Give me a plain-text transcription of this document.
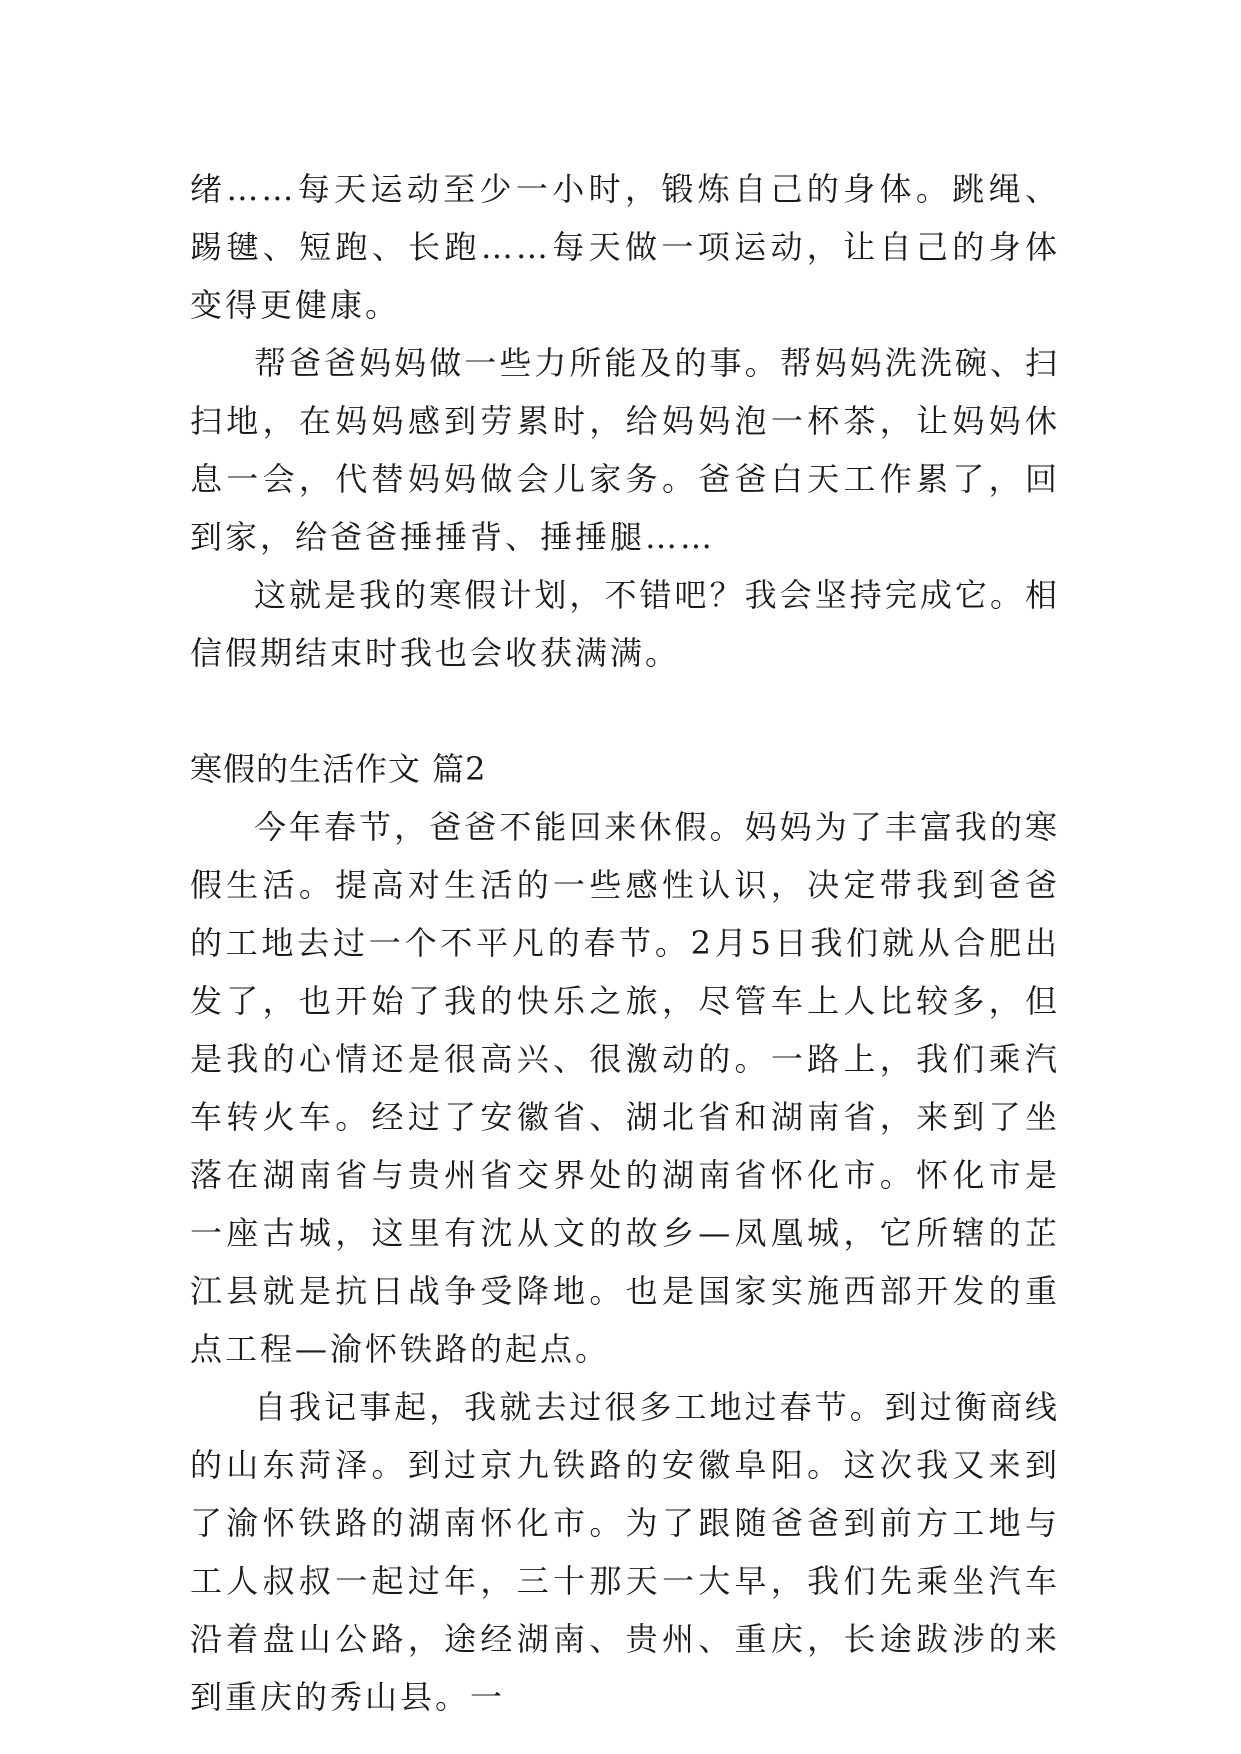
绪……每天运动至少一小时，锻炼自己的身体。跳绳、踢毽、短跑、长跑……每天做一项运动，让自己的身体变得更健康。

帮爸爸妈妈做一些力所能及的事。帮妈妈洗洗碗、扫扫地，在妈妈感到劳累时，给妈妈泡一杯茶，让妈妈休息一会，代替妈妈做会儿家务。爸爸白天工作累了，回到家，给爸爸捶捶背、捶捶腿……

这就是我的寒假计划，不错吧？我会坚持完成它。相信假期结束时我也会收获满满。

寒假的生活作文 篇2

今年春节，爸爸不能回来休假。妈妈为了丰富我的寒假生活。提高对生活的一些感性认识，决定带我到爸爸的工地去过一个不平凡的春节。2月5日我们就从合肥出发了，也开始了我的快乐之旅，尽管车上人比较多，但是我的心情还是很高兴、很激动的。一路上，我们乘汽车转火车。经过了安徽省、湖北省和湖南省，来到了坐落在湖南省与贵州省交界处的湖南省怀化市。怀化市是一座古城，这里有沈从文的故乡—凤凰城，它所辖的芷江县就是抗日战争受降地。也是国家实施西部开发的重点工程—渝怀铁路的起点。

自我记事起，我就去过很多工地过春节。到过衡商线的山东菏泽。到过京九铁路的安徽阜阳。这次我又来到了渝怀铁路的湖南怀化市。为了跟随爸爸到前方工地与工人叔叔一起过年，三十那天一大早，我们先乘坐汽车沿着盘山公路，途经湖南、贵州、重庆，长途跋涉的来到重庆的秀山县。一
